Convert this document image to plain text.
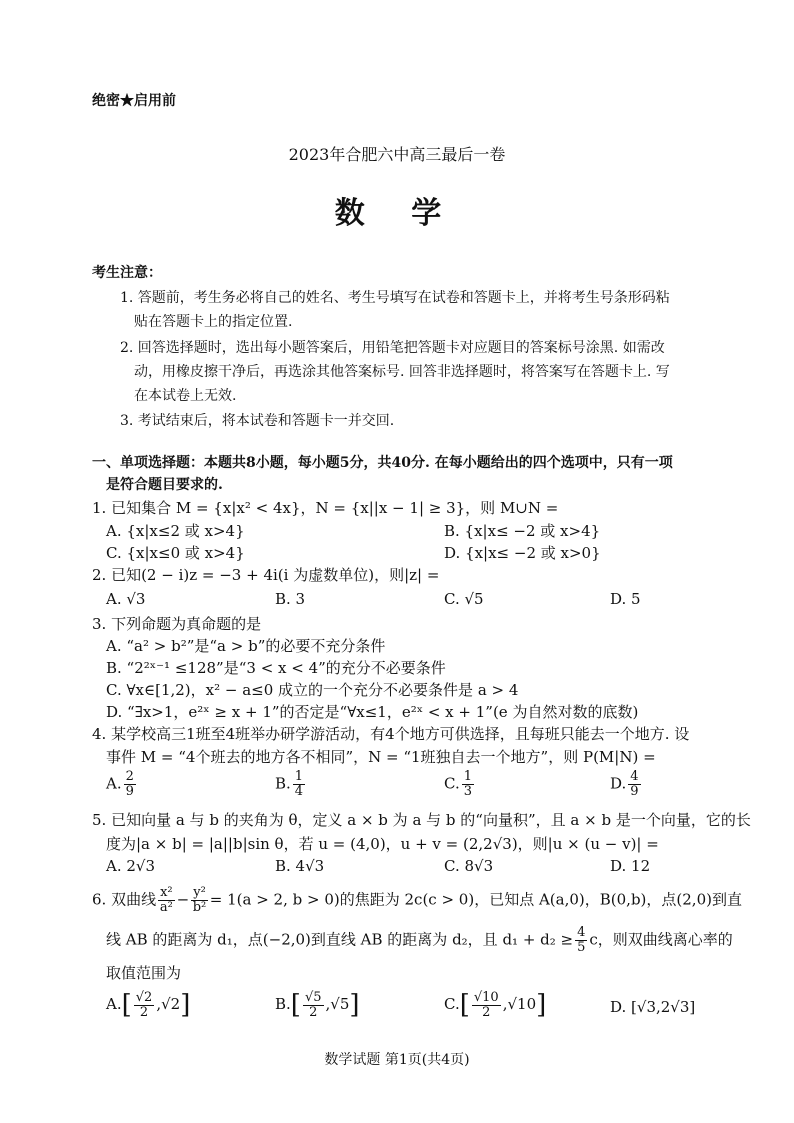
绝密★启用前
2023年合肥六中高三最后一卷
数 学
考生注意：
1. 答题前，考生务必将自己的姓名、考生号填写在试卷和答题卡上，并将考生号条形码粘
贴在答题卡上的指定位置.
2. 回答选择题时，选出每小题答案后，用铅笔把答题卡对应题目的答案标号涂黑. 如需改
动，用橡皮擦干净后，再选涂其他答案标号. 回答非选择题时，将答案写在答题卡上. 写
在本试卷上无效.
3. 考试结束后，将本试卷和答题卡一并交回.
一、单项选择题：本题共8小题，每小题5分，共40分. 在每小题给出的四个选项中，只有一项
是符合题目要求的.
1. 已知集合 M = {x|x² < 4x}，N = {x||x − 1| ≥ 3}，则 M∪N =
A. {x|x≤2 或 x>4}	B. {x|x≤ −2 或 x>4}
C. {x|x≤0 或 x>4}	D. {x|x≤ −2 或 x>0}
2. 已知(2 − i)z = −3 + 4i(i 为虚数单位)，则|z| =
A. √3	B. 3	C. √5	D. 5
3. 下列命题为真命题的是
A. “a² > b²”是“a > b”的必要不充分条件
B. “2²ˣ⁻¹ ≤128”是“3 < x < 4”的充分不必要条件
C. ∀x∈[1,2)，x² − a≤0 成立的一个充分不必要条件是 a > 4
D. “∃x>1，e²ˣ ≥ x + 1”的否定是“∀x≤1，e²ˣ < x + 1”(e 为自然对数的底数)
4. 某学校高三1班至4班举办研学游活动，有4个地方可供选择，且每班只能去一个地方. 设
事件 M = “4个班去的地方各不相同”，N = “1班独自去一个地方”，则 P(M|N) =
A. $\frac{2}{9}$	B. $\frac{1}{4}$	C. $\frac{1}{3}$	D. $\frac{4}{9}$
5. 已知向量 a 与 b 的夹角为 θ，定义 a × b 为 a 与 b 的“向量积”，且 a × b 是一个向量，它的长
度为|a × b| = |a||b|sin θ，若 u = (4,0)，u + v = (2,2√3)，则|u × (u − v)| =
A. 2√3	B. 4√3	C. 8√3	D. 12
6. 双曲线 $\frac{\text{x²}}{\text{a²}} - \frac{\text{y²}}{\text{b²}} = 1(a > 2$, b > 0)的焦距为 2c(c > 0)，已知点 A(a,0)，B(0,b)，点(2,0)到直
线 AB 的距离为 d₁，点(−2,0)到直线 AB 的距离为 d₂，且 $d_1 + d_2 \ge \frac{4}{5}$ c，则双曲线离心率的
取值范围为
$A.[ \frac{√2}{2} ,√2]$	$B.[ \frac{√5}{2} ,√5]$	$C.[ \frac{√10}{2} ,√10]$	D. [√3,2√3]
数学试题 第1页(共4页)
